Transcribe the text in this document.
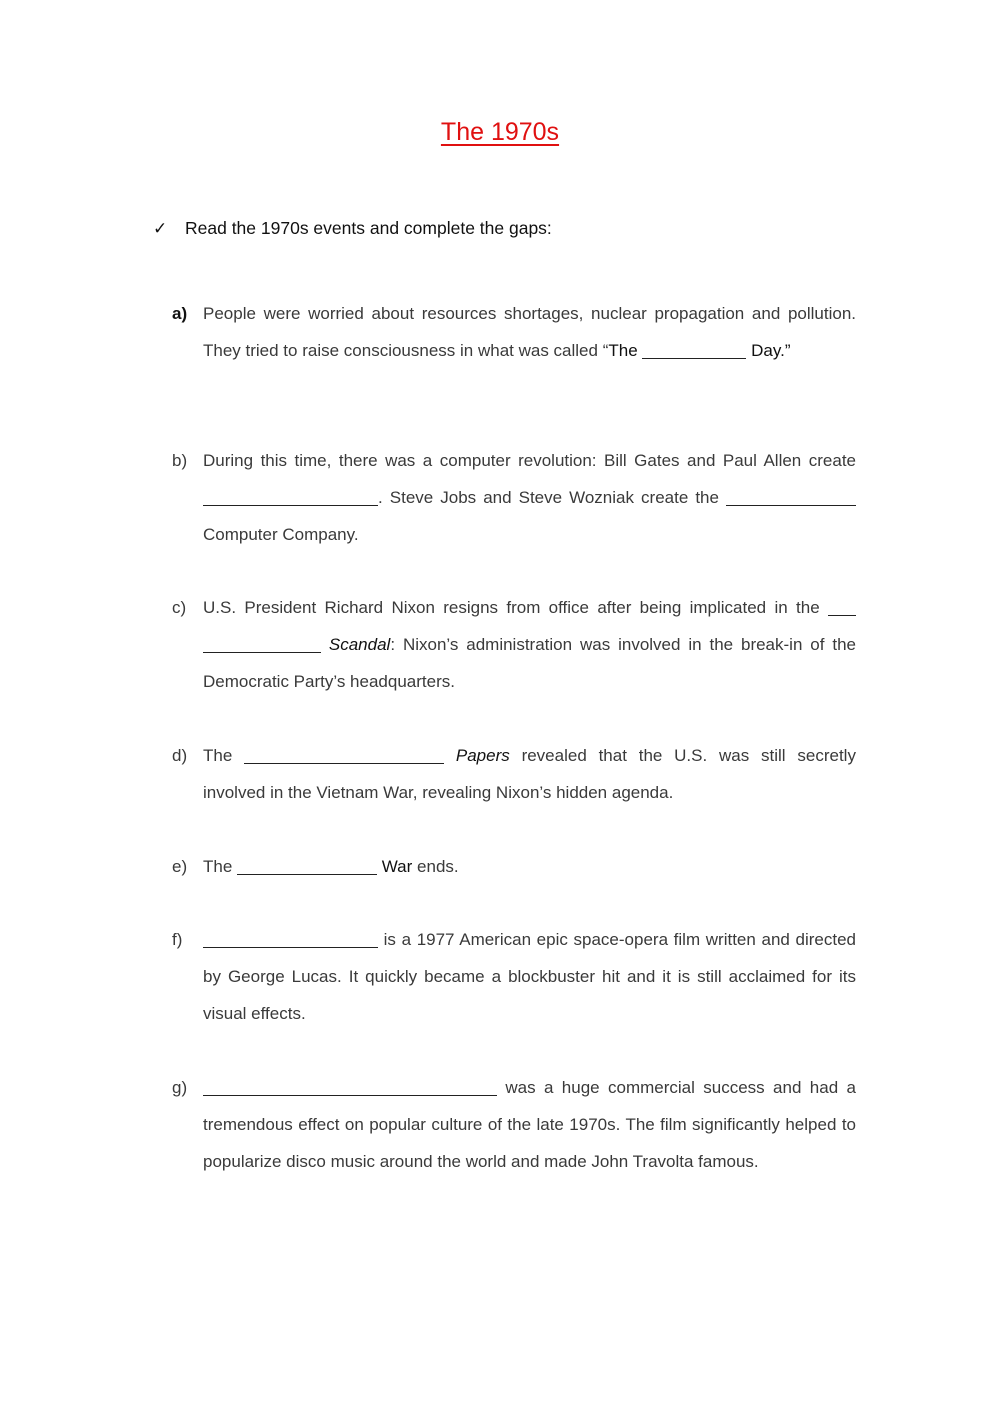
The 1970s
✓ Read the 1970s events and complete the gaps:
a) People were worried about resources shortages, nuclear propagation and pollution. They tried to raise consciousness in what was called “The	Day.”
b) During this time, there was a computer revolution: Bill Gates and Paul Allen create . Steve Jobs and Steve Wozniak create the  Computer Company.
c) U.S. President Richard Nixon resigns from office after being implicated in the   Scandal: Nixon’s administration was involved in the break-in of the Democratic Party’s headquarters.
d) The	Papers revealed that the U.S. was still secretly involved in the Vietnam War, revealing Nixon’s hidden agenda.
e) The	War ends.
f)	is a 1977 American epic space-opera film written and directed by George Lucas. It quickly became a blockbuster hit and it is still acclaimed for its visual effects.
g)	was a huge commercial success and had a tremendous effect on popular culture of the late 1970s. The film significantly helped to popularize disco music around the world and made John Travolta famous.
